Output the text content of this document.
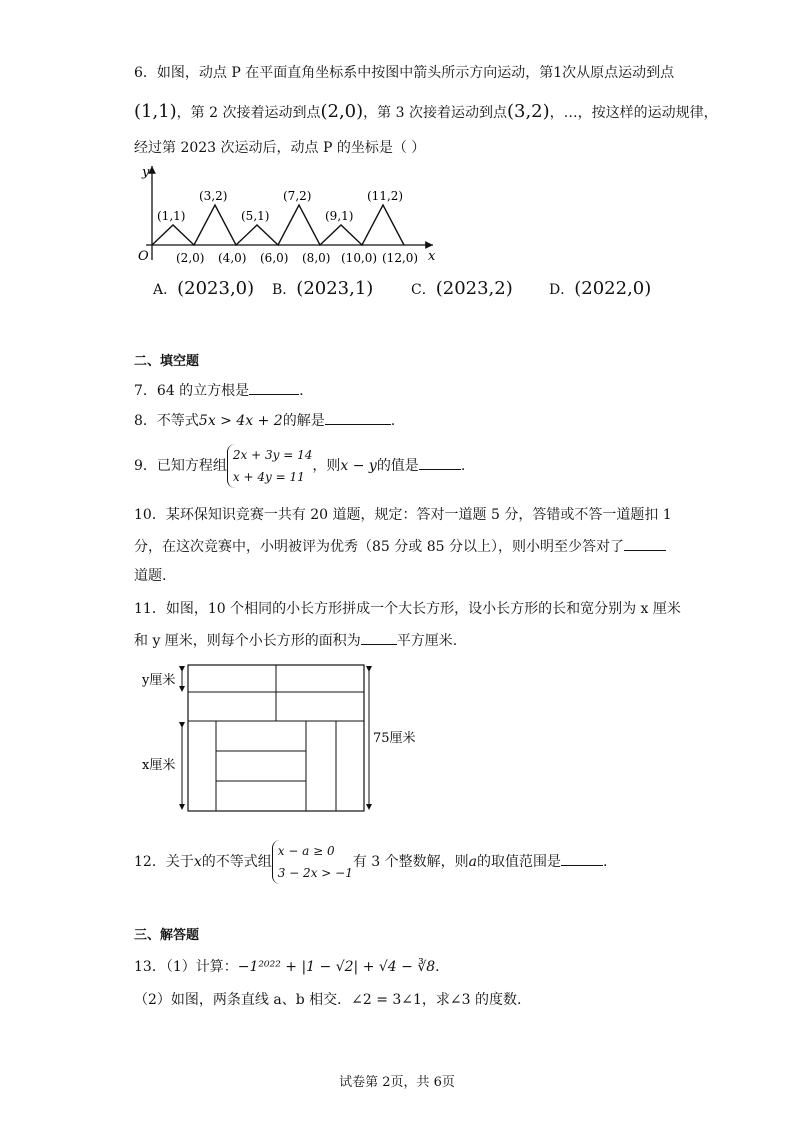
6．如图，动点 P 在平面直角坐标系中按图中箭头所示方向运动，第1次从原点运动到点
(1,1)，第 2 次接着运动到点(2,0)，第 3 次接着运动到点(3,2)，…，按这样的运动规律，
经过第 2023 次运动后，动点 P 的坐标是（ ）
y
x
O
(1,1)
(3,2)
(5,1)
(7,2)
(9,1)
(11,2)
(2,0) (4,0) (6,0) (8,0) (10,0) (12,0)
A．(2023,0) B．(2023,1)	C．(2023,2)	D．(2022,0)
二、填空题
7．64 的立方根是	.
8．不等式5x > 4x + 2的解是	.
9．已知方程组2x + 3y = 14
x + 4y = 11，则x − y的值是	.
10．某环保知识竞赛一共有 20 道题，规定：答对一道题 5 分，答错或不答一道题扣 1
分，在这次竞赛中，小明被评为优秀（85 分或 85 分以上），则小明至少答对了
道题.
11．如图，10 个相同的小长方形拼成一个大长方形，设小长方形的长和宽分别为 x 厘米
和 y 厘米，则每个小长方形的面积为	平方厘米.
y厘米
x厘米
75厘米
12．关于x的不等式组x − a ≥ 0
3 − 2x > −1有 3 个整数解，则a的取值范围是	.
三、解答题
13．（1）计算：−1²⁰²² + |1 − √2| + √4 − ∛8.
（2）如图，两条直线 a、b 相交．∠2 = 3∠1，求∠3 的度数.
试卷第 2页，共 6页
